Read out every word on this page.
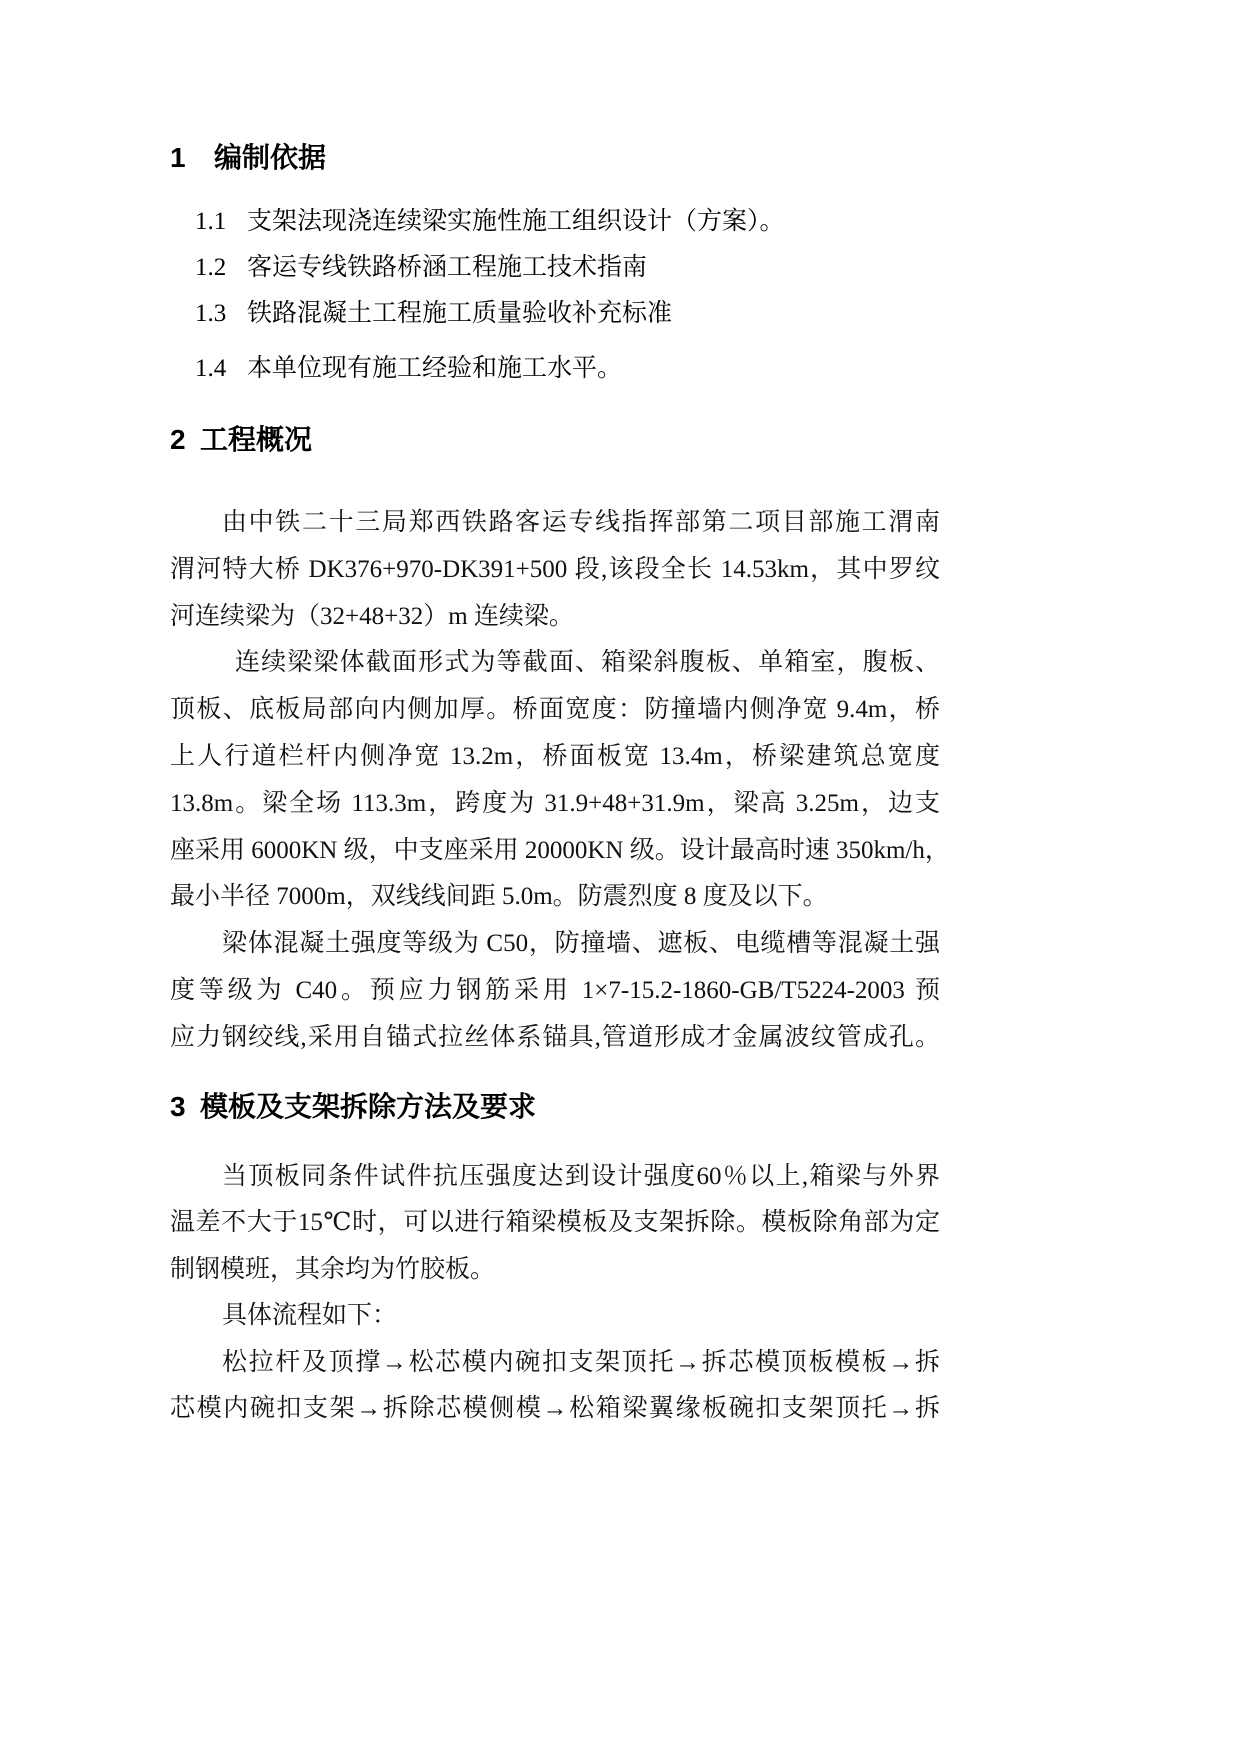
1	编制依据
1.1 支架法现浇连续梁实施性施工组织设计（方案）。
1.2 客运专线铁路桥涵工程施工技术指南
1.3 铁路混凝土工程施工质量验收补充标准
1.4 本单位现有施工经验和施工水平。
2 工程概况
由中铁二十三局郑西铁路客运专线指挥部第二项目部施工渭南
渭河特大桥 DK376+970-DK391+500 段,该段全长 14.53km，其中罗纹
河连续梁为（32+48+32）m 连续梁。
连续梁梁体截面形式为等截面、箱梁斜腹板、单箱室，腹板、
顶板、底板局部向内侧加厚。桥面宽度：防撞墙内侧净宽 9.4m，桥
上人行道栏杆内侧净宽 13.2m，桥面板宽 13.4m，桥梁建筑总宽度
13.8m。梁全场 113.3m，跨度为 31.9+48+31.9m，梁高 3.25m，边支
座采用 6000KN 级，中支座采用 20000KN 级。设计最高时速 350km/h，
最小半径 7000m，双线线间距 5.0m。防震烈度 8 度及以下。
梁体混凝土强度等级为 C50，防撞墙、遮板、电缆槽等混凝土强
度等级为 C40。预应力钢筋采用 1×7-15.2-1860-GB/T5224-2003 预
应力钢绞线,采用自锚式拉丝体系锚具,管道形成才金属波纹管成孔。
3 模板及支架拆除方法及要求
当顶板同条件试件抗压强度达到设计强度60％以上,箱梁与外界
温差不大于15℃时，可以进行箱梁模板及支架拆除。模板除角部为定
制钢模班，其余均为竹胶板。
具体流程如下：
松拉杆及顶撑→松芯模内碗扣支架顶托→拆芯模顶板模板→拆
芯模内碗扣支架→拆除芯模侧模→松箱梁翼缘板碗扣支架顶托→拆
